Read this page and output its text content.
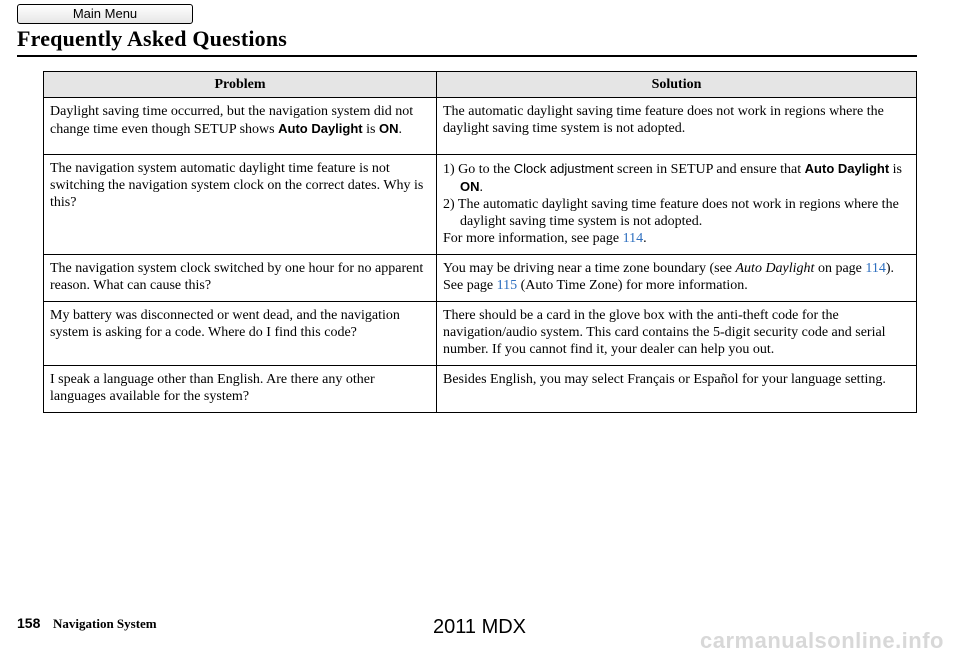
Main Menu
Frequently Asked Questions
Problem	Solution
Daylight saving time occurred, but the navigation system did not change time even though SETUP shows Auto Daylight is ON.	The automatic daylight saving time feature does not work in regions where the daylight saving time system is not adopted.
The navigation system automatic daylight time feature is not switching the navigation system clock on the correct dates. Why is this?	1) Go to the Clock adjustment screen in SETUP and ensure that Auto Daylight is ON.
2) The automatic daylight saving time feature does not work in regions where the daylight saving time system is not adopted.
For more information, see page 114.

The navigation system clock switched by one hour for no apparent reason. What can cause this?	You may be driving near a time zone boundary (see Auto Daylight on page 114). See page 115 (Auto Time Zone) for more information.
My battery was disconnected or went dead, and the navigation system is asking for a code. Where do I find this code?	There should be a card in the glove box with the anti-theft code for the navigation/audio system. This card contains the 5-digit security code and serial number. If you cannot find it, your dealer can help you out.
I speak a language other than English. Are there any other languages available for the system?	Besides English, you may select Français or Español for your language setting.
158 Navigation System	2011 MDX
carmanualsonline.info
